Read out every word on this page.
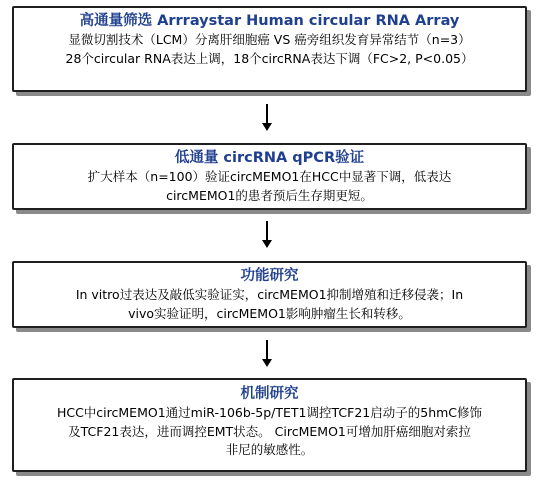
高通量筛选 Arrraystar Human circular RNA Array
显微切割技术（LCM）分离肝细胞癌 VS 癌旁组织发育异常结节（n=3）
28个circular RNA表达上调，18个circRNA表达下调（FC>2, P<0.05）
低通量 circRNA qPCR验证
扩大样本（n=100）验证circMEMO1在HCC中显著下调，低表达
circMEMO1的患者预后生存期更短。
功能研究
In vitro过表达及敲低实验证实，circMEMO1抑制增殖和迁移侵袭；In
vivo实验证明，circMEMO1影响肿瘤生长和转移。
机制研究
HCC中circMEMO1通过miR-106b-5p/TET1调控TCF21启动子的5hmC修饰
及TCF21表达，进而调控EMT状态。 CircMEMO1可增加肝癌细胞对索拉
非尼的敏感性。
